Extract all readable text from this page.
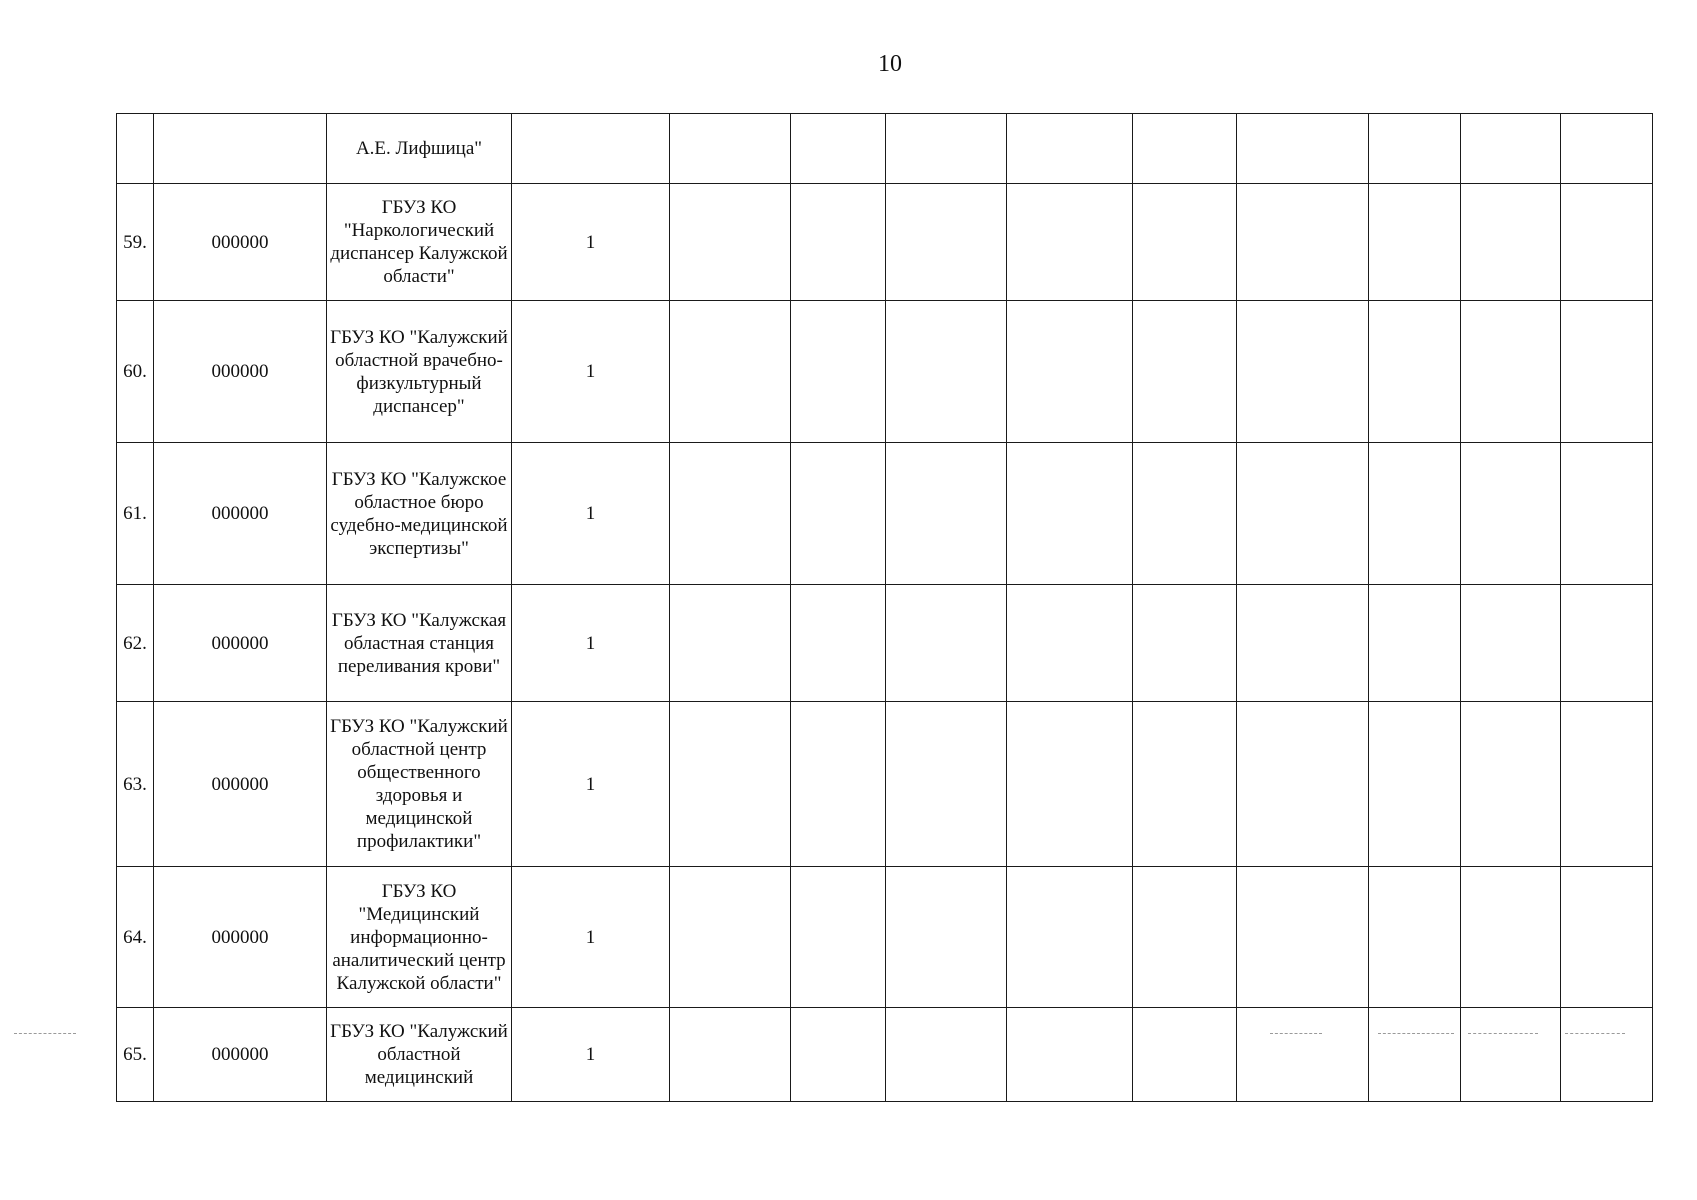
10
		А.Е. Лифшица"										
59.	000000	ГБУЗ КО "Наркологический диспансер Калужской области"	1									
60.	000000	ГБУЗ КО "Калужский областной врачебно-физкультурный диспансер"	1									
61.	000000	ГБУЗ КО "Калужское областное бюро судебно-медицинской экспертизы"	1									
62.	000000	ГБУЗ КО "Калужская областная станция переливания крови"	1									
63.	000000	ГБУЗ КО "Калужский областной центр общественного здоровья и медицинской профилактики"	1									
64.	000000	ГБУЗ КО "Медицинский информационно-аналитический центр Калужской области"	1									
65.	000000	ГБУЗ КО "Калужский областной медицинский	1									
